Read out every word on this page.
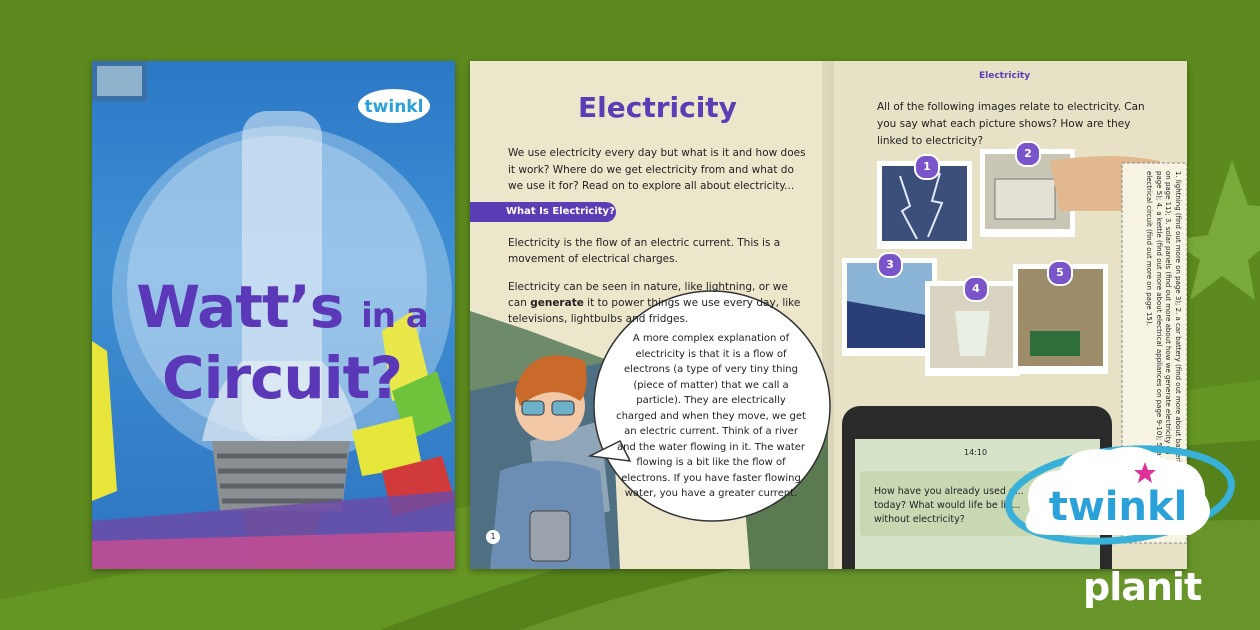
twinkl
Watt’s in a
Circuit?
Electricity
We use electricity every day but what is it and how does it work? Where do we get electricity from and what do we use it for? Read on to explore all about electricity...
What Is Electricity?
Electricity is the flow of an electric current. This is a movement of electrical charges.
Electricity can be seen in nature, like lightning, or we can generate it to power things we use every day, like televisions, lightbulbs and fridges.
A more complex explanation of electricity is that it is a flow of electrons (a type of very tiny thing (piece of matter) that we call a particle). They are electrically charged and when they move, we get an electric current. Think of a river and the water flowing in it. The water flowing is a bit like the flow of electrons. If you have faster flowing water, you have a greater current.
1
Electricity
All of the following images relate to electricity. Can you say what each picture shows? How are they linked to electricity?
1
2
3
4
5	1. lightning (find out more on page 3); 2. a car battery (find out more about batteries on page 11); 3. solar panels (find out more about how we generate electricity on page 5); 4. a kettle (find out more about electrical appliances on page 9-10); 5. an electrical circuit (find out more on page 15).
14:10
How have you already used e... today? What would life be lik... without electricity?	twinkl
planit
